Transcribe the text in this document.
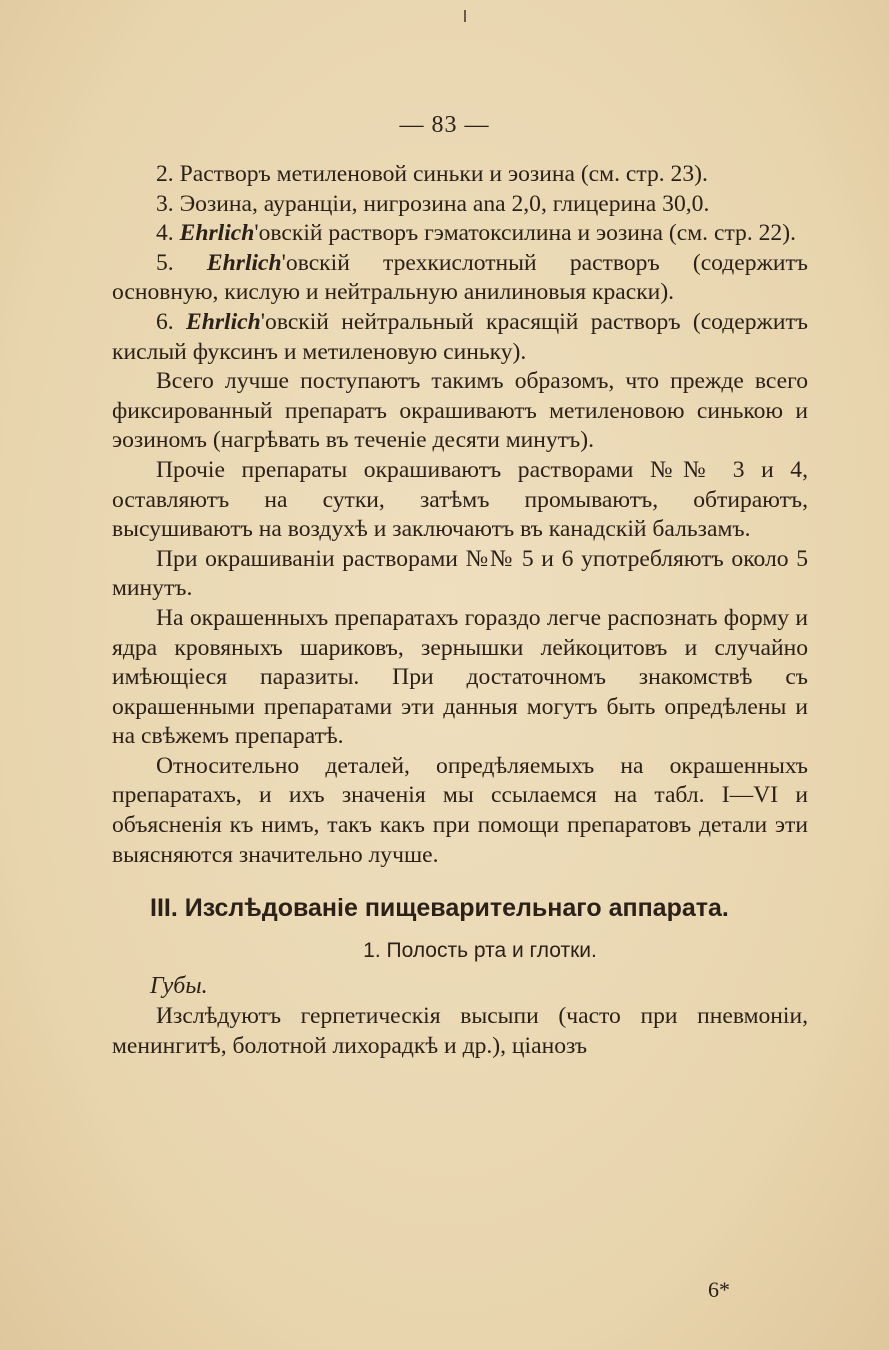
— 83 —

2. Растворъ метиленовой синьки и эозина (см. стр. 23).

3. Эозина, ауранціи, нигрозина ana 2,0, глицерина 30,0.

4. Ehrlich'овскій растворъ гэматоксилина и эозина (см. стр. 22).

5. Ehrlich'овскій трехкислотный растворъ (содержитъ основную, кислую и нейтральную анилиновыя краски).

6. Ehrlich'овскій нейтральный красящій растворъ (содержитъ кислый фуксинъ и метиленовую синьку).

Всего лучше поступаютъ такимъ образомъ, что прежде всего фиксированный препаратъ окрашиваютъ метиленовою синькою и эозиномъ (нагрѣвать въ теченіе десяти минутъ).

Прочіе препараты окрашиваютъ растворами №№ 3 и 4, оставляютъ на сутки, затѣмъ промываютъ, обтираютъ, высушиваютъ на воздухѣ и заключаютъ въ канадскій бальзамъ.

При окрашиваніи растворами №№ 5 и 6 употребляютъ около 5 минутъ.

На окрашенныхъ препаратахъ гораздо легче распознать форму и ядра кровяныхъ шариковъ, зернышки лейкоцитовъ и случайно имѣющіеся паразиты. При достаточномъ знакомствѣ съ окрашенными препаратами эти данныя могутъ быть опредѣлены и на свѣжемъ препаратѣ.

Относительно деталей, опредѣляемыхъ на окрашенныхъ препаратахъ, и ихъ значенія мы ссылаемся на табл. I—VI и объясненія къ нимъ, такъ какъ при помощи препаратовъ детали эти выясняются значительно лучше.

III. Изслѣдованіе пищеварительнаго аппарата.
1. Полость рта и глотки.
Губы.

Изслѣдуютъ герпетическія высыпи (часто при пневмоніи, менингитѣ, болотной лихорадкѣ и др.), ціанозъ

6*
